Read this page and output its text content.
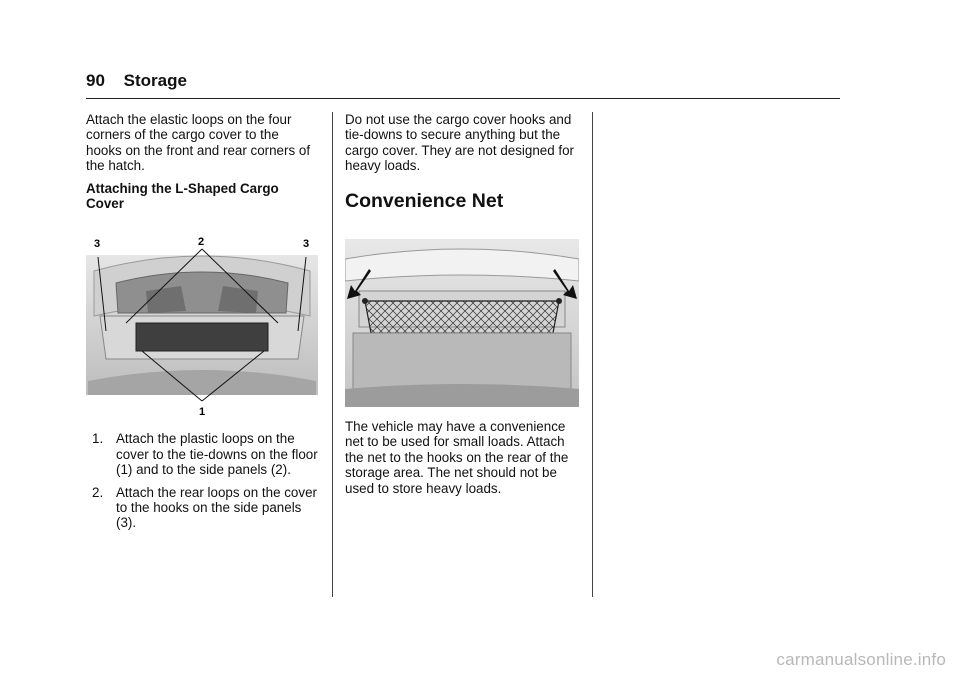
90 Storage

Attach the elastic loops on the four corners of the cargo cover to the hooks on the front and rear corners of the hatch.

Attaching the L-Shaped Cargo Cover
3	2	3
1
1. Attach the plastic loops on the cover to the tie-downs on the floor (1) and to the side panels (2).
2. Attach the rear loops on the cover to the hooks on the side panels (3).

Do not use the cargo cover hooks and tie-downs to secure anything but the cargo cover. They are not designed for heavy loads.

Convenience Net

The vehicle may have a convenience net to be used for small loads. Attach the net to the hooks on the rear of the storage area. The net should not be used to store heavy loads.

carmanualsonline.info
